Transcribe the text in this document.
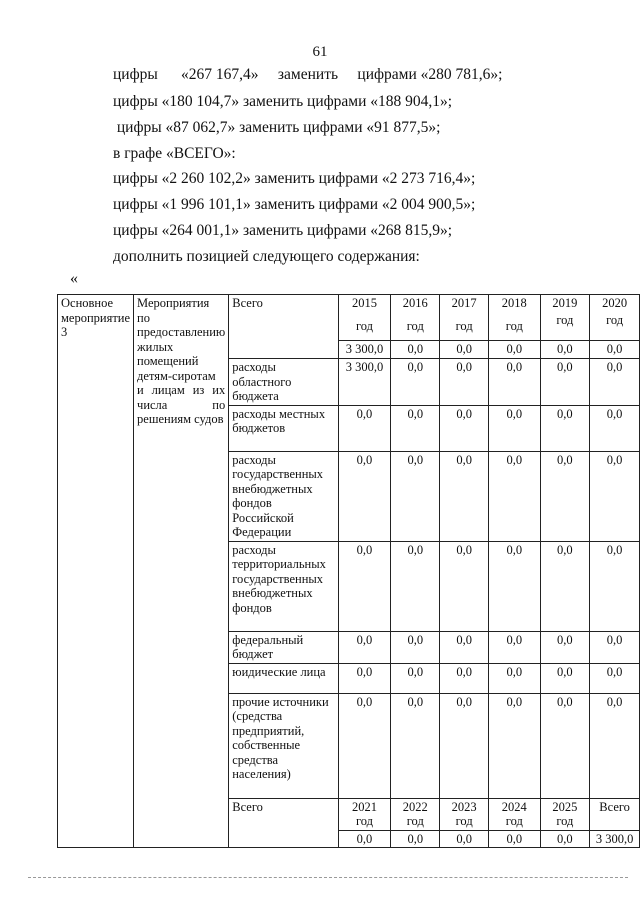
61
цифры      «267 167,4»     заменить     цифрами «280 781,6»;
цифры «180 104,7» заменить цифрами «188 904,1»;
цифры «87 062,7» заменить цифрами «91 877,5»;
в графе «ВСЕГО»:
цифры «2 260 102,2» заменить цифрами «2 273 716,4»;
цифры «1 996 101,1» заменить цифрами «2 004 900,5»;
цифры «264 001,1» заменить цифрами «268 815,9»;
дополнить позицией следующего содержания:
«
Основное мероприятие 3	Мероприятия по предоставлению жилых помещений детям-сиротам и лицам из их числа по решениям судов	Всего	2015
год	2016
год	2017
год	2018
год	2019
год	2020
год
			3 300,0	0,0	0,0	0,0	0,0	0,0
		расходы областного бюджета	3 300,0	0,0	0,0	0,0	0,0	0,0
		расходы местных бюджетов	0,0	0,0	0,0	0,0	0,0	0,0
		расходы государственных внебюджетных фондов Российской Федерации	0,0	0,0	0,0	0,0	0,0	0,0
		расходы территориальных государственных внебюджетных фондов	0,0	0,0	0,0	0,0	0,0	0,0
		федеральный бюджет	0,0	0,0	0,0	0,0	0,0	0,0
		юидические лица	0,0	0,0	0,0	0,0	0,0	0,0
		прочие источники (средства предприятий, собственные средства населения)	0,0	0,0	0,0	0,0	0,0	0,0
		Всего	2021
год	2022
год	2023
год	2024
год	2025
год	Всего
			0,0	0,0	0,0	0,0	0,0	3 300,0
